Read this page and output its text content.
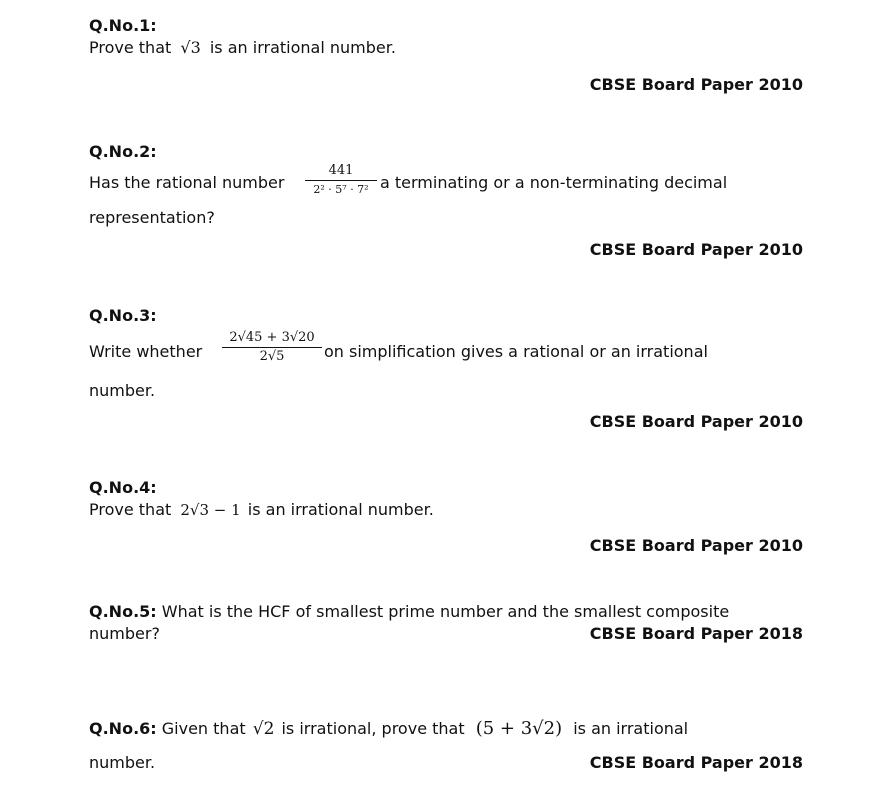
Q.No.1:
Prove that √3 is an irrational number.
CBSE Board Paper 2010
Q.No.2:
Has the rational number
441
2² · 5⁷ · 7² a terminating or a non-terminating decimal
representation?
CBSE Board Paper 2010
Q.No.3:
Write whether
2√45 + 3√20
2√5	on simplification gives a rational or an irrational
number.
CBSE Board Paper 2010
Q.No.4:
Prove that 2√3 − 1 is an irrational number.
CBSE Board Paper 2010
Q.No.5: What is the HCF of smallest prime number and the smallest composite
number?	CBSE Board Paper 2018
Q.No.6: Given that √2 is irrational, prove that (5 + 3√2) is an irrational
number.	CBSE Board Paper 2018
